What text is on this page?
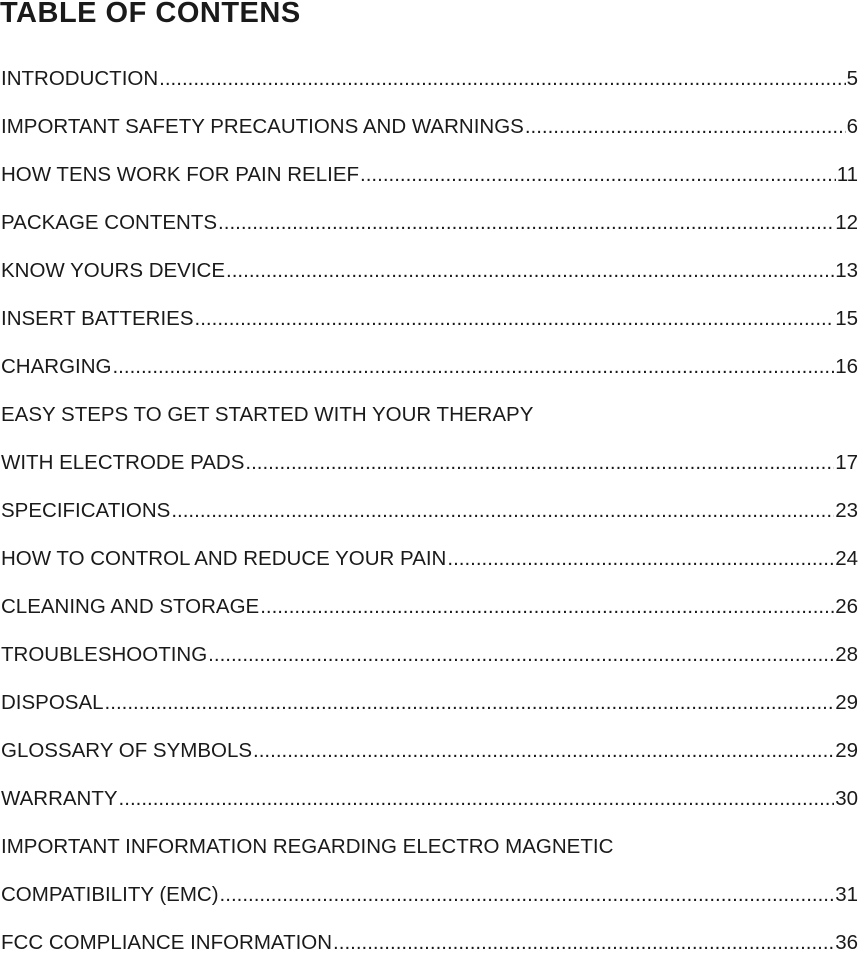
TABLE OF CONTENS
INTRODUCTION .....	5
IMPORTANT SAFETY PRECAUTIONS AND WARNINGS .....	6
HOW TENS WORK FOR PAIN RELIEF .....	11
PACKAGE CONTENTS .....	12
KNOW YOURS DEVICE .....	13
INSERT BATTERIES .....	15
CHARGING .....	16
EASY STEPS TO GET STARTED WITH YOUR THERAPY
WITH ELECTRODE PADS .....	17
SPECIFICATIONS .....	23
HOW TO CONTROL AND REDUCE YOUR PAIN .....	24
CLEANING AND STORAGE .....	26
TROUBLESHOOTING .....	28
DISPOSAL .....	29
GLOSSARY OF SYMBOLS .....	29
WARRANTY .....	30
IMPORTANT INFORMATION REGARDING ELECTRO MAGNETIC
COMPATIBILITY (EMC) .....	31
FCC COMPLIANCE INFORMATION .....	36
